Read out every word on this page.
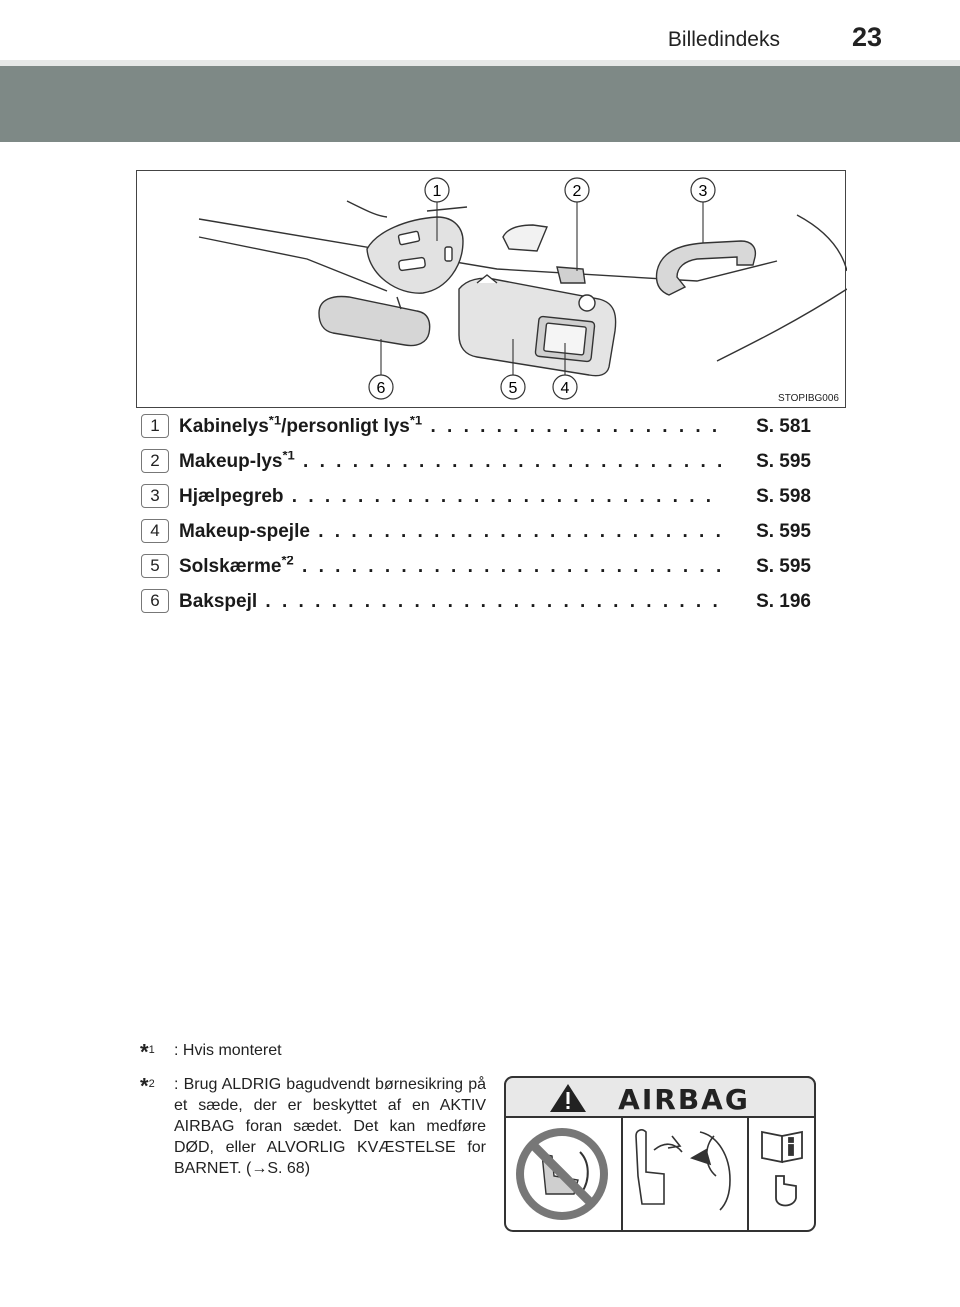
Billedindeks	23
1	2	3
6	5	4
STOPIBG006
1	Kabinelys$^{*1}$/personligt lys$^{*1}$ . . .	S. 581
2	Makeup-lys$^{*1}$ . . .	S. 595
3	Hjælpegreb . . .	S. 598
4	Makeup-spejle . . .	S. 595
5	Solskærme$^{*2}$ . . .	S. 595
6	Bakspejl . . .	S. 196
*$^1$	: Hvis monteret
*$^2$	: Brug ALDRIG bagudvendt børnesikring på et sæde, der er beskyttet af en AKTIV AIRBAG foran sædet. Det kan medføre DØD, eller ALVORLIG KVÆSTELSE for BARNET. (→S. 68)
AIRBAG
